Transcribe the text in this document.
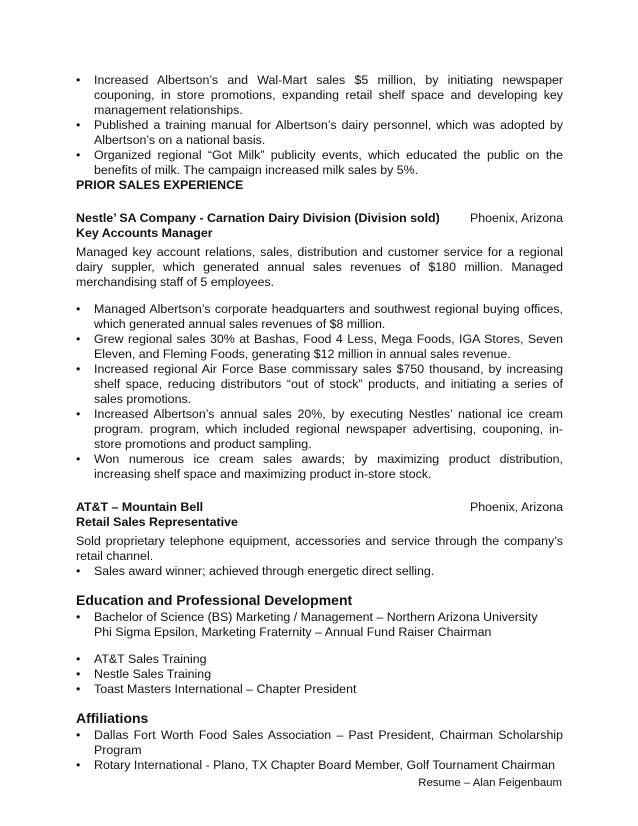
• Increased Albertson’s and Wal-Mart sales $5 million, by initiating newspaper couponing, in store promotions, expanding retail shelf space and developing key management relationships.
• Published a training manual for Albertson’s dairy personnel, which was adopted by Albertson’s on a national basis.
• Organized regional “Got Milk” publicity events, which educated the public on the benefits of milk. The campaign increased milk sales by 5%.

PRIOR SALES EXPERIENCE

Nestle’ SA Company - Carnation Dairy Division (Division sold) Phoenix, Arizona

Key Accounts Manager

Managed key account relations, sales, distribution and customer service for a regional dairy suppler, which generated annual sales revenues of $180 million. Managed merchandising staff of 5 employees.

• Managed Albertson’s corporate headquarters and southwest regional buying offices, which generated annual sales revenues of $8 million.
• Grew regional sales 30% at Bashas, Food 4 Less, Mega Foods, IGA Stores, Seven Eleven, and Fleming Foods, generating $12 million in annual sales revenue.
• Increased regional Air Force Base commissary sales $750 thousand, by increasing shelf space, reducing distributors “out of stock” products, and initiating a series of sales promotions.
• Increased Albertson’s annual sales 20%, by executing Nestles’ national ice cream program. program, which included regional newspaper advertising, couponing, in-store promotions and product sampling.
• Won numerous ice cream sales awards; by maximizing product distribution, increasing shelf space and maximizing product in-store stock.
AT&T – Mountain Bell	Phoenix, Arizona

Retail Sales Representative

Sold proprietary telephone equipment, accessories and service through the company’s retail channel.

• Sales award winner; achieved through energetic direct selling.

Education and Professional Development

• Bachelor of Science (BS) Marketing / Management – Northern Arizona University
Phi Sigma Epsilon, Marketing Fraternity – Annual Fund Raiser Chairman
• AT&T Sales Training
• Nestle Sales Training
• Toast Masters International – Chapter President

Affiliations

• Dallas Fort Worth Food Sales Association – Past President, Chairman Scholarship Program
• Rotary International - Plano, TX Chapter Board Member, Golf Tournament Chairman
Resume – Alan Feigenbaum
